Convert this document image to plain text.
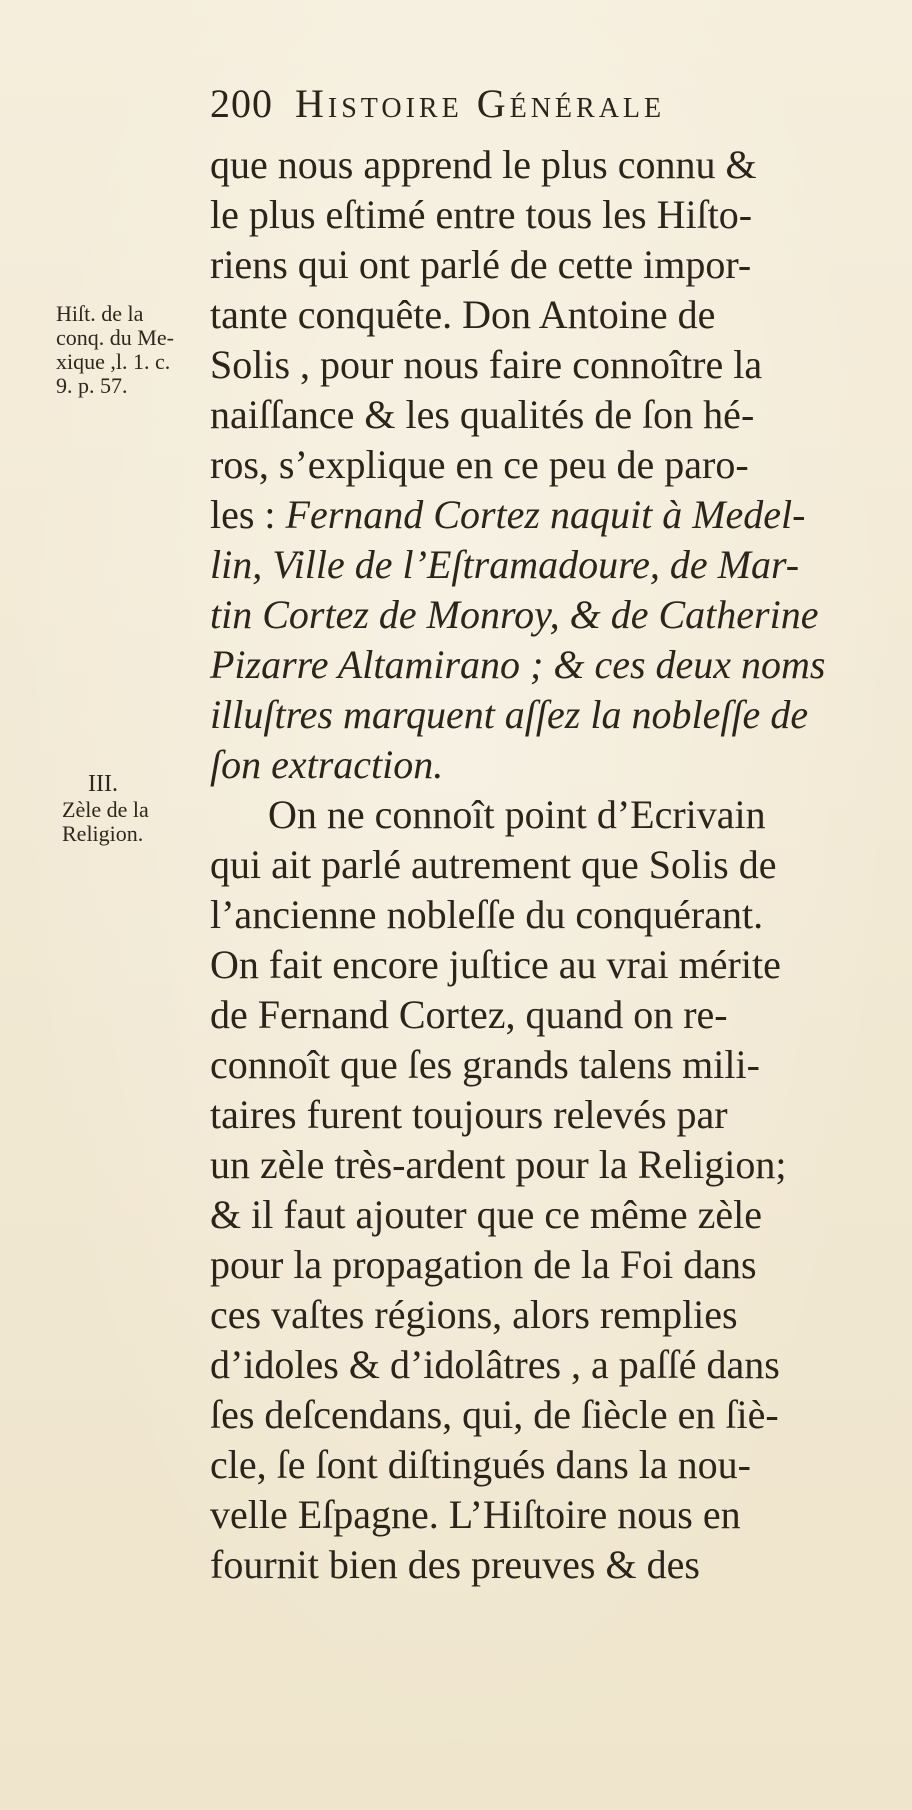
200 Histoire Générale
Hiſt. de la
conq. du Me-
xique ,l. 1. c.
9. p. 57.
III.
Zèle de la
Religion.
que nous apprend le plus connu &
le plus eſtimé entre tous les Hiſto-
riens qui ont parlé de cette impor-
tante conquête. Don Antoine de
Solis , pour nous faire connoître la
naiſſance & les qualités de ſon hé-
ros, s’explique en ce peu de paro-
les : Fernand Cortez naquit à Medel-
lin, Ville de l’Eſtramadoure, de Mar-
tin Cortez de Monroy, & de Catherine
Pizarre Altamirano ; & ces deux noms
illuſtres marquent aſſez la nobleſſe de
ſon extraction.
On ne connoît point d’Ecrivain
qui ait parlé autrement que Solis de
l’ancienne nobleſſe du conquérant.
On fait encore juſtice au vrai mérite
de Fernand Cortez, quand on re-
connoît que ſes grands talens mili-
taires furent toujours relevés par
un zèle très-ardent pour la Religion;
& il faut ajouter que ce même zèle
pour la propagation de la Foi dans
ces vaſtes régions, alors remplies
d’idoles & d’idolâtres , a paſſé dans
ſes deſcendans, qui, de ſiècle en ſiè-
cle, ſe ſont diſtingués dans la nou-
velle Eſpagne. L’Hiſtoire nous en
fournit bien des preuves & des
